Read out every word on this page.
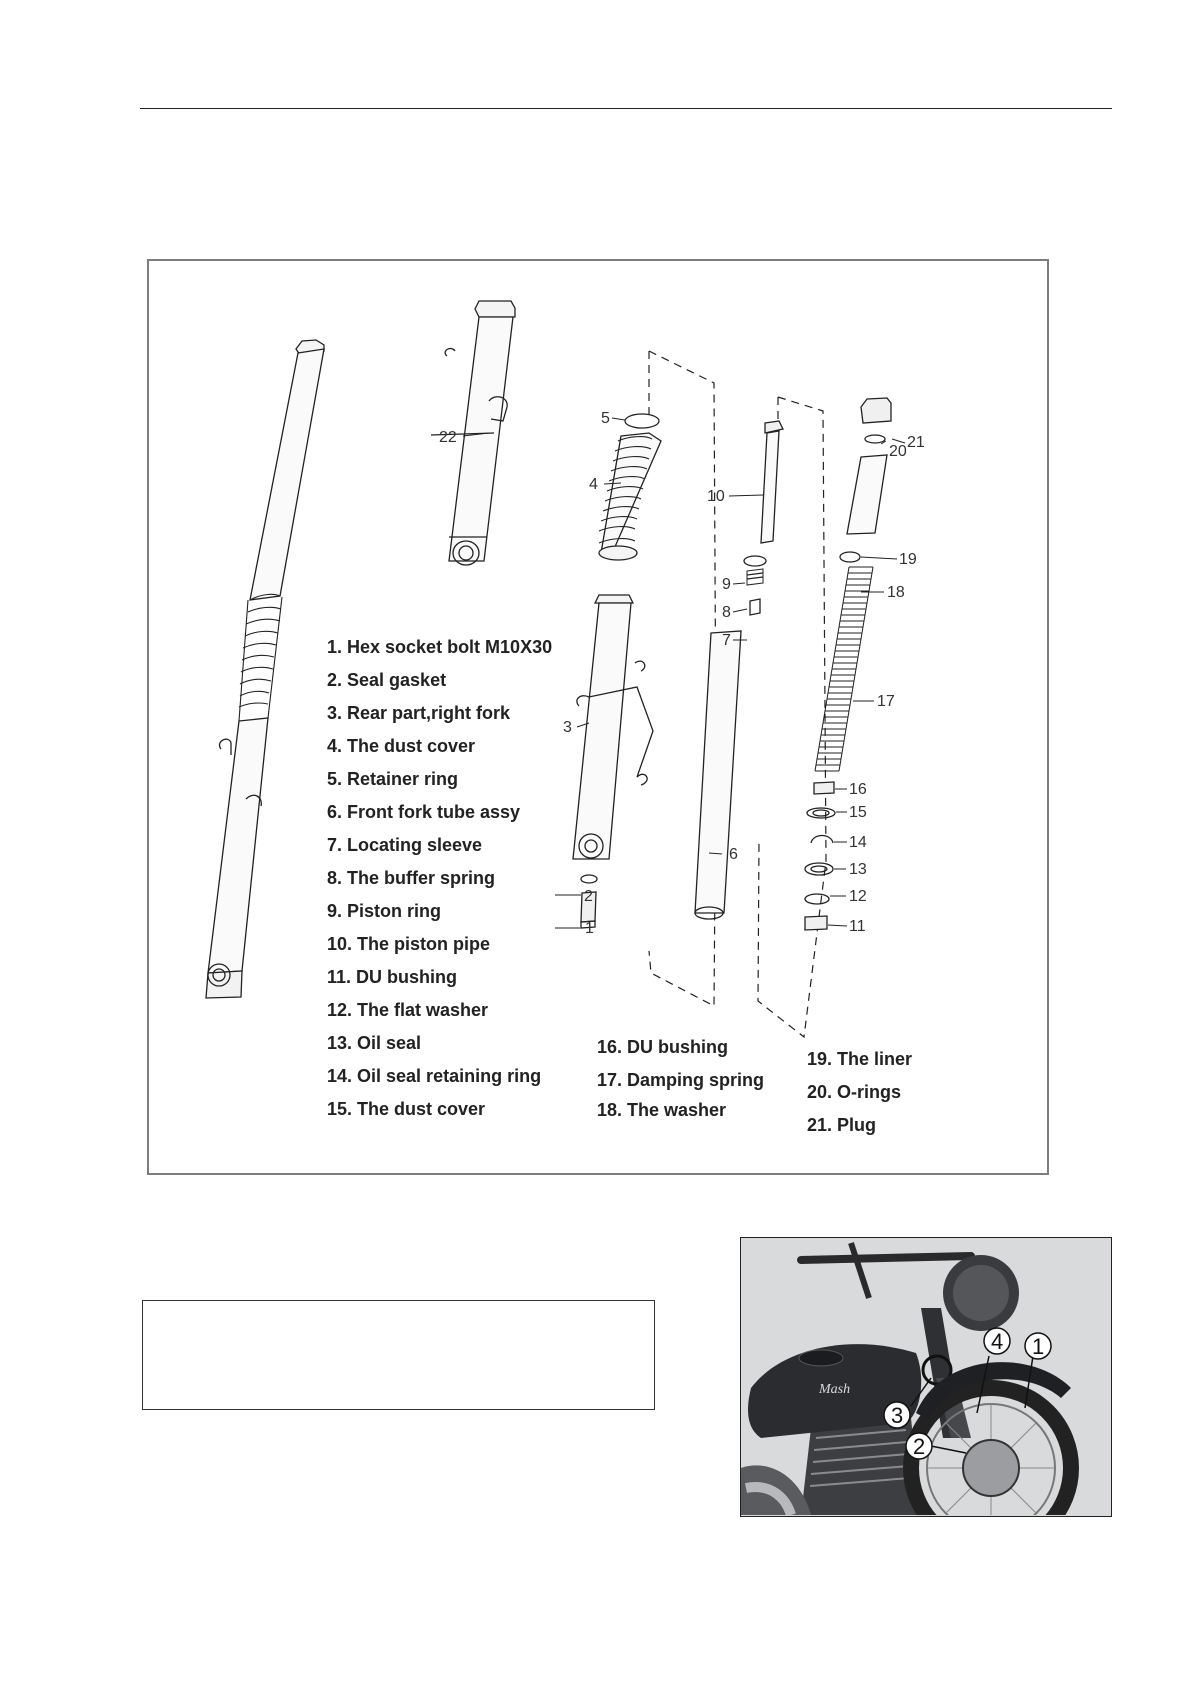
1
2
3
4
5
6
7
8
9
10
11
12
13
14
15
16
17
18
19
20
21
22
1. Hex socket bolt M10X30
2. Seal gasket
3. Rear part,right fork
4. The dust cover
5. Retainer ring
6. Front fork tube assy
7. Locating sleeve
8. The buffer spring
9. Piston ring
10. The piston pipe
11. DU bushing
12. The flat washer
13. Oil seal
14. Oil seal retaining ring
15. The dust cover
16. DU bushing
17. Damping spring
18. The washer
19. The liner
20. O-rings
21. Plug
Mash
4 1
3
2
